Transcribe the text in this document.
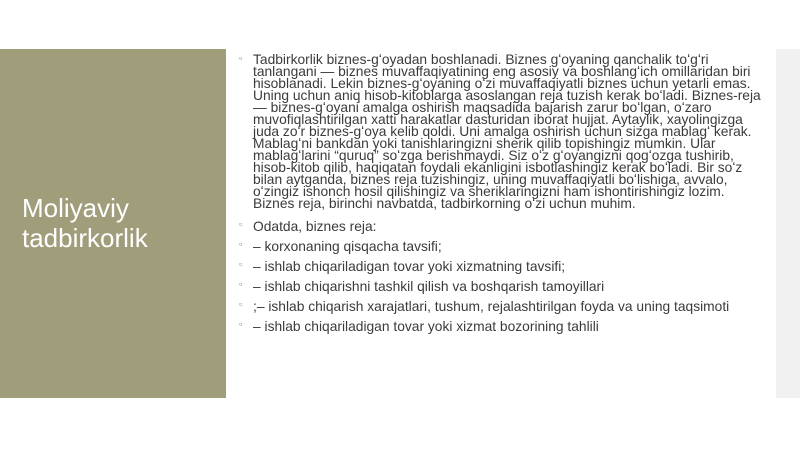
Moliyaviy tadbirkorlik
▫ Tadbirkorlik biznes-gʻoyadan boshlanadi. Biznes gʻoyaning qanchalik toʻgʻri tanlangani — biznes muvaffaqiyatining eng asosiy va boshlangʻich omillaridan biri hisoblanadi. Lekin biznes-gʻoyaning oʻzi muvaffaqiyatli biznes uchun yetarli emas. Uning uchun aniq hisob-kitoblarga asoslangan reja tuzish kerak boʻladi. Biznes-reja — biznes-gʻoyani amalga oshirish maqsadida bajarish zarur boʻlgan, oʻzaro muvofiqlashtirilgan xatti harakatlar dasturidan iborat hujjat. Aytaylik, xayolingizga juda zoʻr biznes-gʻoya kelib qoldi. Uni amalga oshirish uchun sizga mablagʻ kerak. Mablagʻni bankdan yoki tanishlaringizni sherik qilib topishingiz mumkin. Ular mablagʻlarini “quruq” soʻzga berishmaydi. Siz oʻz gʻoyangizni qogʻozga tushirib, hisob-kitob qilib, haqiqatan foydali ekanligini isbotlashingiz kerak boʻladi. Bir soʻz bilan aytganda, biznes reja tuzishingiz, uning muvaffaqiyatli boʻlishiga, avvalo, oʻzingiz ishonch hosil qilishingiz va sheriklaringizni ham ishontirishingiz lozim. Biznes reja, birinchi navbatda, tadbirkorning oʻzi uchun muhim.
▫ Odatda, biznes reja:
▫ – korxonaning qisqacha tavsifi;
▫ – ishlab chiqariladigan tovar yoki xizmatning tavsifi;
▫ – ishlab chiqarishni tashkil qilish va boshqarish tamoyillari
▫ ;– ishlab chiqarish xarajatlari, tushum, rejalashtirilgan foyda va uning taqsimoti
▫ – ishlab chiqariladigan tovar yoki xizmat bozorining tahlili
